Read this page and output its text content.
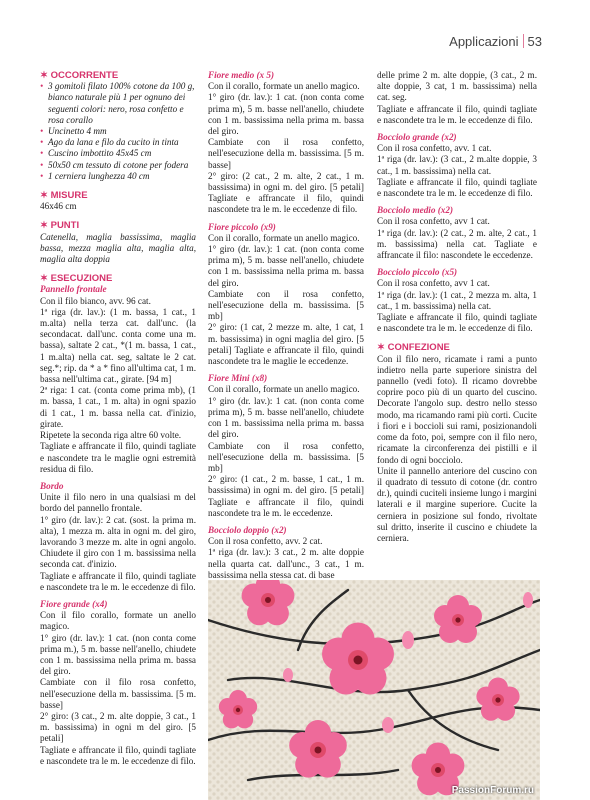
Applicazioni 53
✶ OCCORRENTE
• 3 gomitoli filato 100% cotone da 100 g, bianco naturale più 1 per ognuno dei seguenti colori: nero, rosa confetto e rosa corallo
• Uncinetto 4 mm
• Ago da lana e filo da cucito in tinta
• Cuscino imbottito 45x45 cm
• 50x50 cm tessuto di cotone per fodera
• 1 cerniera lunghezza 40 cm
✶ MISURE

46x46 cm

✶ PUNTI

Catenella, maglia bassissima, maglia bassa, mezza maglia alta, maglia alta, maglia alta doppia

✶ ESECUZIONE
Pannello frontale

Con il filo bianco, avv. 96 cat.

1ª riga (dr. lav.): (1 m. bassa, 1 cat., 1 m.alta) nella terza cat. dall'unc. (la secondacat. dall'unc. conta come una m. bassa), saltate 2 cat., *(1 m. bassa, 1 cat., 1 m.alta) nella cat. seg, saltate le 2 cat. seg.*; rip. da * a * fino all'ultima cat, 1 m. bassa nell'ultima cat., girate. [94 m]

2ª riga: 1 cat. (conta come prima mb), (1 m. bassa, 1 cat., 1 m. alta) in ogni spazio di 1 cat., 1 m. bassa nella cat. d'inizio, girate.

Ripetete la seconda riga altre 60 volte.

Tagliate e affrancate il filo, quindi tagliate e nascondete tra le maglie ogni estremità residua di filo.

Bordo

Unite il filo nero in una qualsiasi m del bordo del pannello frontale.

1° giro (dr. lav.): 2 cat. (sost. la prima m. alta), 1 mezza m. alta in ogni m. del giro, lavorando 3 mezze m. alte in ogni angolo. Chiudete il giro con 1 m. bassissima nella seconda cat. d'inizio.

Tagliate e affrancate il filo, quindi tagliate e nascondete tra le m. le eccedenze di filo.

Fiore grande (x4)

Con il filo corallo, formate un anello magico.

1° giro (dr. lav.): 1 cat. (non conta come prima m.), 5 m. basse nell'anello, chiudete con 1 m. bassissima nella prima m. bassa del giro.

Cambiate con il filo rosa confetto, nell'esecuzione della m. bassissima. [5 m. basse]

2° giro: (3 cat., 2 m. alte doppie, 3 cat., 1 m. bassissima) in ogni m del giro. [5 petali]

Tagliate e affrancate il filo, quindi tagliate e nascondete tra le m. le eccedenze di filo.

Fiore medio (x 5)

Con il corallo, formate un anello magico.

1° giro (dr. lav.): 1 cat. (non conta come prima m), 5 m. basse nell'anello, chiudete con 1 m. bassissima nella prima m. bassa del giro.

Cambiate con il rosa confetto, nell'esecuzione della m. bassissima. [5 m. basse]

2° giro: (2 cat., 2 m. alte, 2 cat., 1 m. bassissima) in ogni m. del giro. [5 petali] Tagliate e affrancate il filo, quindi nascondete tra le m. le eccedenze di filo.

Fiore piccolo (x9)

Con il corallo, formate un anello magico.

1° giro (dr. lav.): 1 cat. (non conta come prima m), 5 m. basse nell'anello, chiudete con 1 m. bassissima nella prima m. bassa del giro.

Cambiate con il rosa confetto, nell'esecuzione della m. bassissima. [5 mb]

2° giro: (1 cat, 2 mezze m. alte, 1 cat, 1 m. bassissima) in ogni maglia del giro. [5 petali] Tagliate e affrancate il filo, quindi nascondete tra le maglie le eccedenze.

Fiore Mini (x8)

Con il corallo, formate un anello magico.

1° giro (dr. lav.): 1 cat. (non conta come prima m), 5 m. basse nell'anello, chiudete con 1 m. bassissima nella prima m. bassa del giro.

Cambiate con il rosa confetto, nell'esecuzione della m. bassissima. [5 mb]

2° giro: (1 cat., 2 m. basse, 1 cat., 1 m. bassissima) in ogni m. del giro. [5 petali] Tagliate e affrancate il filo, quindi nascondete tra le m. le eccedenze.

Bocciolo doppio (x2)

Con il rosa confetto, avv. 2 cat.

1ª riga (dr. lav.): 3 cat., 2 m. alte doppie nella quarta cat. dall'unc., 3 cat., 1 m. bassissima nella stessa cat. di base

delle prime 2 m. alte doppie, (3 cat., 2 m. alte doppie, 3 cat, 1 m. bassissima) nella cat. seg.

Tagliate e affrancate il filo, quindi tagliate e nascondete tra le m. le eccedenze di filo.

Bocciolo grande (x2)

Con il rosa confetto, avv. 1 cat.

1ª riga (dr. lav.): (3 cat., 2 m.alte doppie, 3 cat., 1 m. bassissima) nella cat.

Tagliate e affrancate il filo, quindi tagliate e nascondete tra le m. le eccedenze di filo.

Bocciolo medio (x2)

Con il rosa confetto, avv 1 cat.

1ª riga (dr. lav.): (2 cat., 2 m. alte, 2 cat., 1 m. bassissima) nella cat. Tagliate e affrancate il filo: nascondete le eccedenze.

Bocciolo piccolo (x5)

Con il rosa confetto, avv 1 cat.

1ª riga (dr. lav.): (1 cat., 2 mezza m. alta, 1 cat., 1 m. bassissima) nella cat.

Tagliate e affrancate il filo, quindi tagliate e nascondete tra le m. le eccedenze di filo.

✶ CONFEZIONE

Con il filo nero, ricamate i rami a punto indietro nella parte superiore sinistra del pannello (vedi foto). Il ricamo dovrebbe coprire poco più di un quarto del cuscino. Decorate l'angolo sup. destro nello stesso modo, ma ricamando rami più corti. Cucite i fiori e i boccioli sui rami, posizionandoli come da foto, poi, sempre con il filo nero, ricamate la circonferenza dei pistilli e il fondo di ogni bocciolo.

Unite il pannello anteriore del cuscino con il quadrato di tessuto di cotone (dr. contro dr.), quindi cuciteli insieme lungo i margini laterali e il margine superiore. Cucite la cerniera in posizione sul fondo, rivoltate sul dritto, inserite il cuscino e chiudete la cerniera.

PassionForum.ru
